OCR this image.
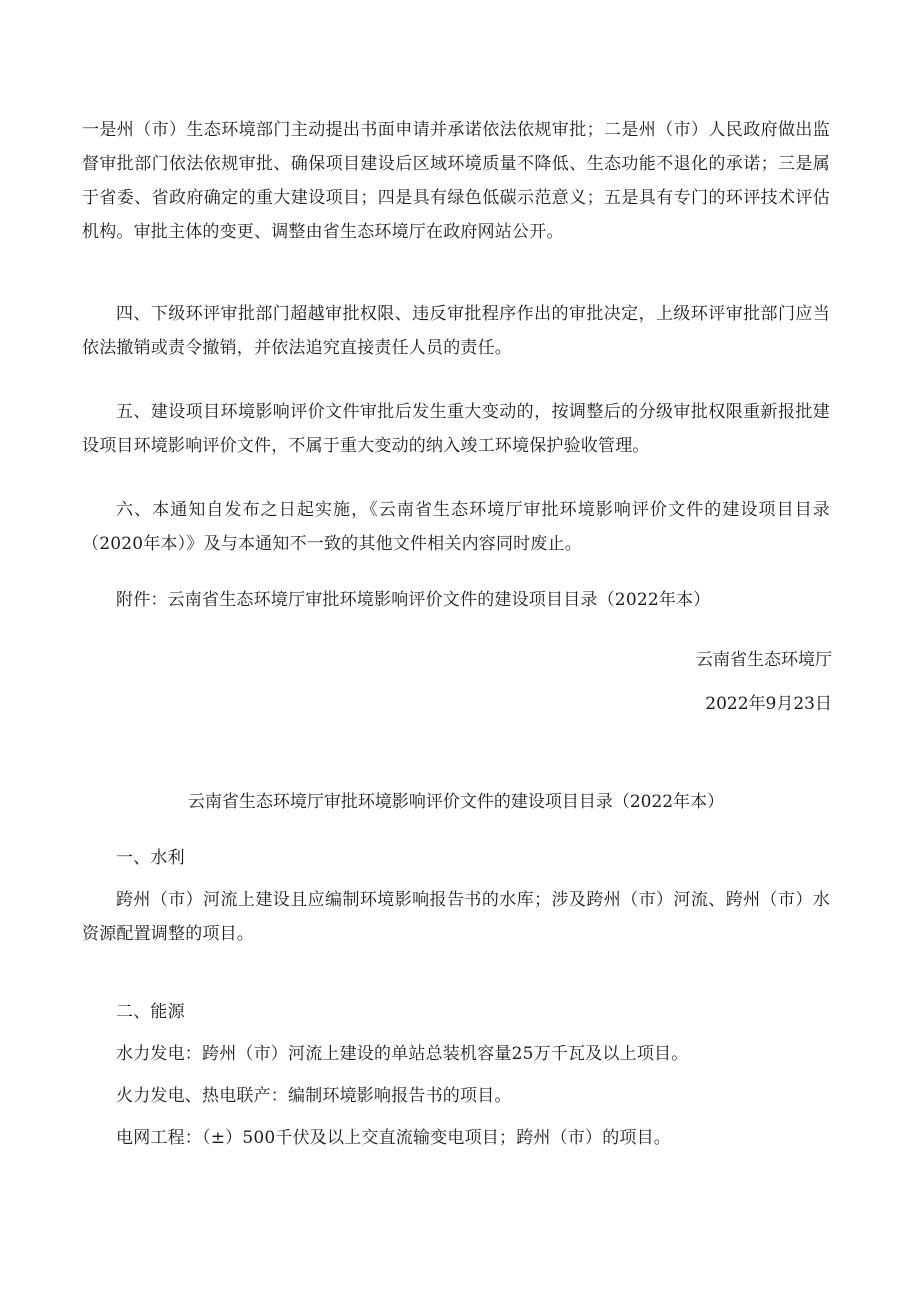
一是州（市）生态环境部门主动提出书面申请并承诺依法依规审批；二是州（市）人民政府做出监督审批部门依法依规审批、确保项目建设后区域环境质量不降低、生态功能不退化的承诺；三是属于省委、省政府确定的重大建设项目；四是具有绿色低碳示范意义；五是具有专门的环评技术评估机构。审批主体的变更、调整由省生态环境厅在政府网站公开。

四、下级环评审批部门超越审批权限、违反审批程序作出的审批决定，上级环评审批部门应当依法撤销或责令撤销，并依法追究直接责任人员的责任。

五、建设项目环境影响评价文件审批后发生重大变动的，按调整后的分级审批权限重新报批建设项目环境影响评价文件，不属于重大变动的纳入竣工环境保护验收管理。

六、本通知自发布之日起实施，《云南省生态环境厅审批环境影响评价文件的建设项目目录（2020年本）》及与本通知不一致的其他文件相关内容同时废止。

附件：云南省生态环境厅审批环境影响评价文件的建设项目目录（2022年本）

云南省生态环境厅

2022年9月23日

云南省生态环境厅审批环境影响评价文件的建设项目目录（2022年本）

一、水利

跨州（市）河流上建设且应编制环境影响报告书的水库；涉及跨州（市）河流、跨州（市）水资源配置调整的项目。

二、能源

水力发电：跨州（市）河流上建设的单站总装机容量25万千瓦及以上项目。

火力发电、热电联产：编制环境影响报告书的项目。

电网工程：（±）500千伏及以上交直流输变电项目；跨州（市）的项目。
